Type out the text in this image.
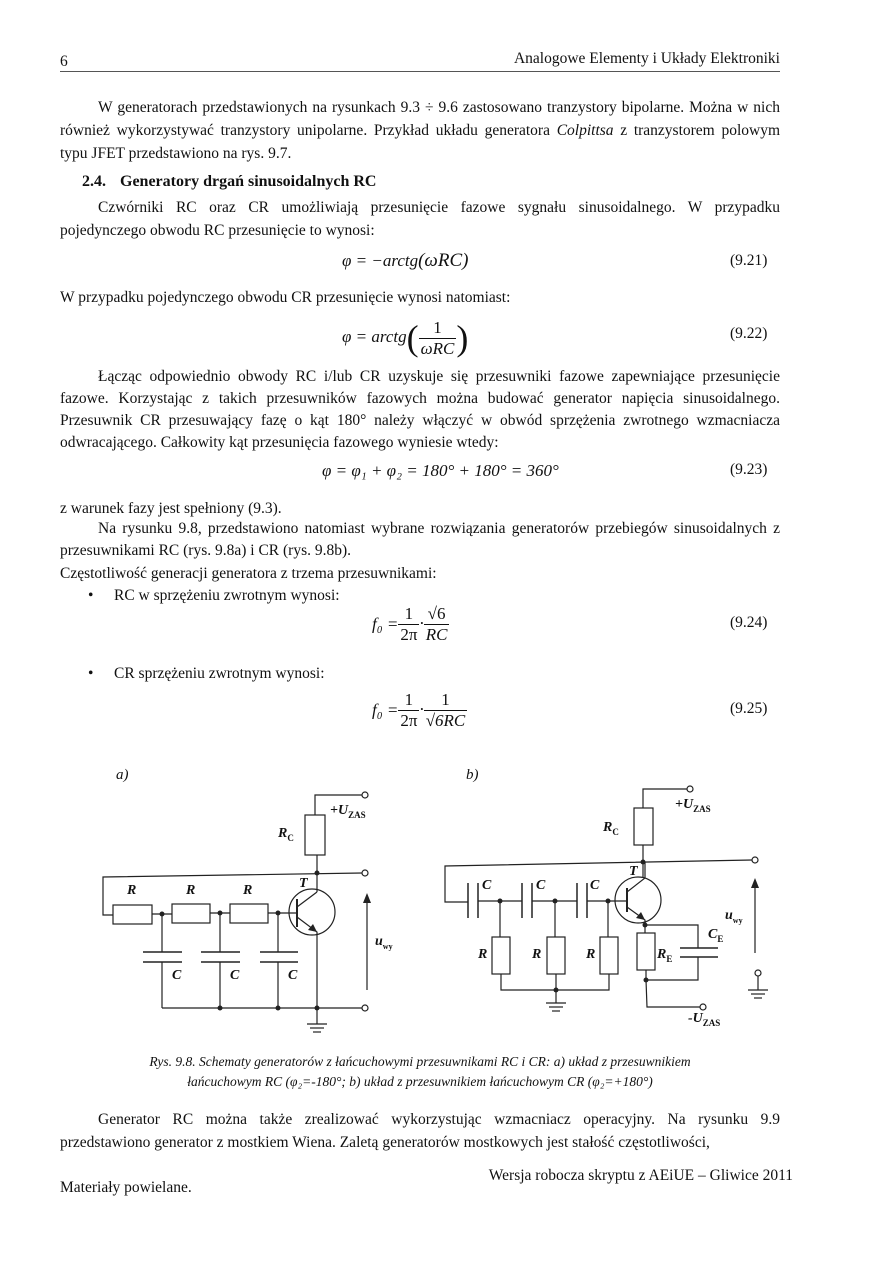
6	Analogowe Elementy i Układy Elektroniki
W generatorach przedstawionych na rysunkach 9.3 ÷ 9.6 zastosowano tranzystory bipolarne. Można w nich również wykorzystywać tranzystory unipolarne. Przykład układu generatora Colpittsa z tranzystorem polowym typu JFET przedstawiono na rys. 9.7.
2.4. Generatory drgań sinusoidalnych RC
Czwórniki RC oraz CR umożliwiają przesunięcie fazowe sygnału sinusoidalnego. W przypadku pojedynczego obwodu RC przesunięcie to wynosi:
φ = −arctg(ωRC)	(9.21)
W przypadku pojedynczego obwodu CR przesunięcie wynosi natomiast:
φ = arctg( $\frac{1}{\text{ωRC}}$ )	(9.22)
Łącząc odpowiednio obwody RC i/lub CR uzyskuje się przesuwniki fazowe zapewniające przesunięcie fazowe. Korzystając z takich przesuwników fazowych można budować generator napięcia sinusoidalnego. Przesuwnik CR przesuwający fazę o kąt 180° należy włączyć w obwód sprzężenia zwrotnego wzmacniacza odwracającego. Całkowity kąt przesunięcia fazowego wyniesie wtedy:
φ = φ₁ + φ₂ = 180° + 180° = 360°	(9.23)
z warunek fazy jest spełniony (9.3).
Na rysunku 9.8, przedstawiono natomiast wybrane rozwiązania generatorów przebiegów sinusoidalnych z przesuwnikami RC (rys. 9.8a) i CR (rys. 9.8b).
Częstotliwość generacji generatora z trzema przesuwnikami:
• RC w sprzężeniu zwrotnym wynosi:
$f_0 = \frac{1}{2\pi} \cdot \frac{√6}{RC}$	(9.24)
• CR sprzężeniu zwrotnym wynosi:
$f_0 = \frac{1}{2\pi} \cdot \frac{1}{√6RC}$	(9.25)
a)
$+U_{ZAS}$
$R_C$
R	R	R	T
C	C	C
$u_{wy}$
b)
$+U_{ZAS}$
$R_C$
C	C	C
T
R	R	R	$R_E$
$C_E$
$u_{wy}$
$-U_{ZAS}$
Rys. 9.8. Schematy generatorów z łańcuchowymi przesuwnikami RC i CR: a) układ z przesuwnikiem
łańcuchowym RC (φ₂=-180°; b) układ z przesuwnikiem łańcuchowym CR (φ₂=+180°)
Generator RC można także zrealizować wykorzystując wzmacniacz operacyjny. Na rysunku 9.9 przedstawiono generator z mostkiem Wiena. Zaletą generatorów mostkowych jest stałość częstotliwości,
Materiały powielane.
Wersja robocza skryptu z AEiUE – Gliwice 2011
